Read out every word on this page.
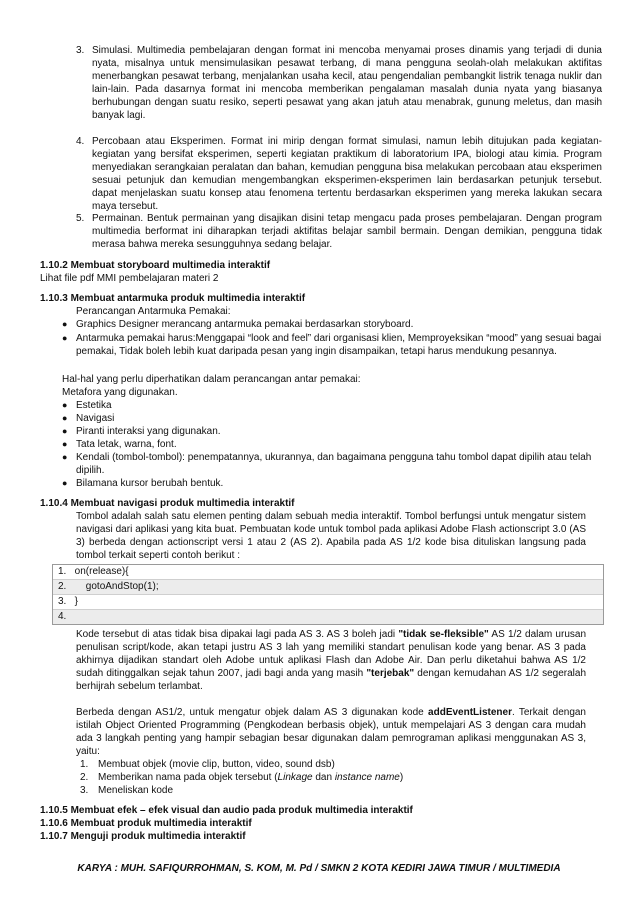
3. Simulasi. Multimedia pembelajaran dengan format ini mencoba menyamai proses dinamis yang terjadi di dunia nyata, misalnya untuk mensimulasikan pesawat terbang, di mana pengguna seolah-olah melakukan aktifitas menerbangkan pesawat terbang, menjalankan usaha kecil, atau pengendalian pembangkit listrik tenaga nuklir dan lain-lain. Pada dasarnya format ini mencoba memberikan pengalaman masalah dunia nyata yang biasanya berhubungan dengan suatu resiko, seperti pesawat yang akan jatuh atau menabrak, gunung meletus, dan masih banyak lagi.
4. Percobaan atau Eksperimen. Format ini mirip dengan format simulasi, namun lebih ditujukan pada kegiatan-kegiatan yang bersifat eksperimen, seperti kegiatan praktikum di laboratorium IPA, biologi atau kimia. Program menyediakan serangkaian peralatan dan bahan, kemudian pengguna bisa melakukan percobaan atau eksperimen sesuai petunjuk dan kemudian mengembangkan eksperimen-eksperimen lain berdasarkan petunjuk tersebut. dapat menjelaskan suatu konsep atau fenomena tertentu berdasarkan eksperimen yang mereka lakukan secara maya tersebut.
5. Permainan. Bentuk permainan yang disajikan disini tetap mengacu pada proses pembelajaran. Dengan program multimedia berformat ini diharapkan terjadi aktifitas belajar sambil bermain. Dengan demikian, pengguna tidak merasa bahwa mereka sesungguhnya sedang belajar.
1.10.2 Membuat storyboard multimedia interaktif
Lihat file pdf MMI pembelajaran materi 2
1.10.3 Membuat antarmuka produk multimedia interaktif
Perancangan Antarmuka Pemakai:
● Graphics Designer merancang antarmuka pemakai berdasarkan storyboard.
● Antarmuka pemakai harus:Menggapai “look and feel” dari organisasi klien, Memproyeksikan “mood” yang sesuai bagai pemakai, Tidak boleh lebih kuat daripada pesan yang ingin disampaikan, tetapi harus mendukung pesannya.
Hal-hal yang perlu diperhatikan dalam perancangan antar pemakai:
Metafora yang digunakan.
● Estetika
● Navigasi
● Piranti interaksi yang digunakan.
● Tata letak, warna, font.
● Kendali (tombol-tombol): penempatannya, ukurannya, dan bagaimana pengguna tahu tombol dapat dipilih atau telah dipilih.
● Bilamana kursor berubah bentuk.
1.10.4 Membuat navigasi produk multimedia interaktif
Tombol adalah salah satu elemen penting dalam sebuah media interaktif. Tombol berfungsi untuk mengatur sistem navigasi dari aplikasi yang kita buat. Pembuatan kode untuk tombol pada aplikasi Adobe Flash actionscript 3.0 (AS 3) berbeda dengan actionscript versi 1 atau 2 (AS 2). Apabila pada AS 1/2 kode bisa dituliskan langsung pada tombol terkait seperti contoh berikut :
1.   on(release){
2.       gotoAndStop(1);
3.   }
4.
Kode tersebut di atas tidak bisa dipakai lagi pada AS 3. AS 3 boleh jadi "tidak se-fleksible" AS 1/2 dalam urusan penulisan script/kode, akan tetapi justru AS 3 lah yang memiliki standart penulisan kode yang benar. AS 3 pada akhirnya dijadikan standart oleh Adobe untuk aplikasi Flash dan Adobe Air. Dan perlu diketahui bahwa AS 1/2 sudah ditinggalkan sejak tahun 2007, jadi bagi anda yang masih "terjebak" dengan kemudahan AS 1/2 segeralah berhijrah sebelum terlambat.
Berbeda dengan AS1/2, untuk mengatur objek dalam AS 3 digunakan kode addEventListener. Terkait dengan istilah Object Oriented Programming (Pengkodean berbasis objek), untuk mempelajari AS 3 dengan cara mudah ada 3 langkah penting yang hampir sebagian besar digunakan dalam pemrograman aplikasi menggunakan AS 3, yaitu:
1. Membuat objek (movie clip, button, video, sound dsb)
2. Memberikan nama pada objek tersebut (Linkage dan instance name)
3. Meneliskan kode
1.10.5 Membuat efek – efek visual dan audio pada produk multimedia interaktif
1.10.6 Membuat produk multimedia interaktif
1.10.7 Menguji produk multimedia interaktif
KARYA : MUH. SAFIQURROHMAN, S. KOM, M. Pd / SMKN 2 KOTA KEDIRI JAWA TIMUR / MULTIMEDIA
